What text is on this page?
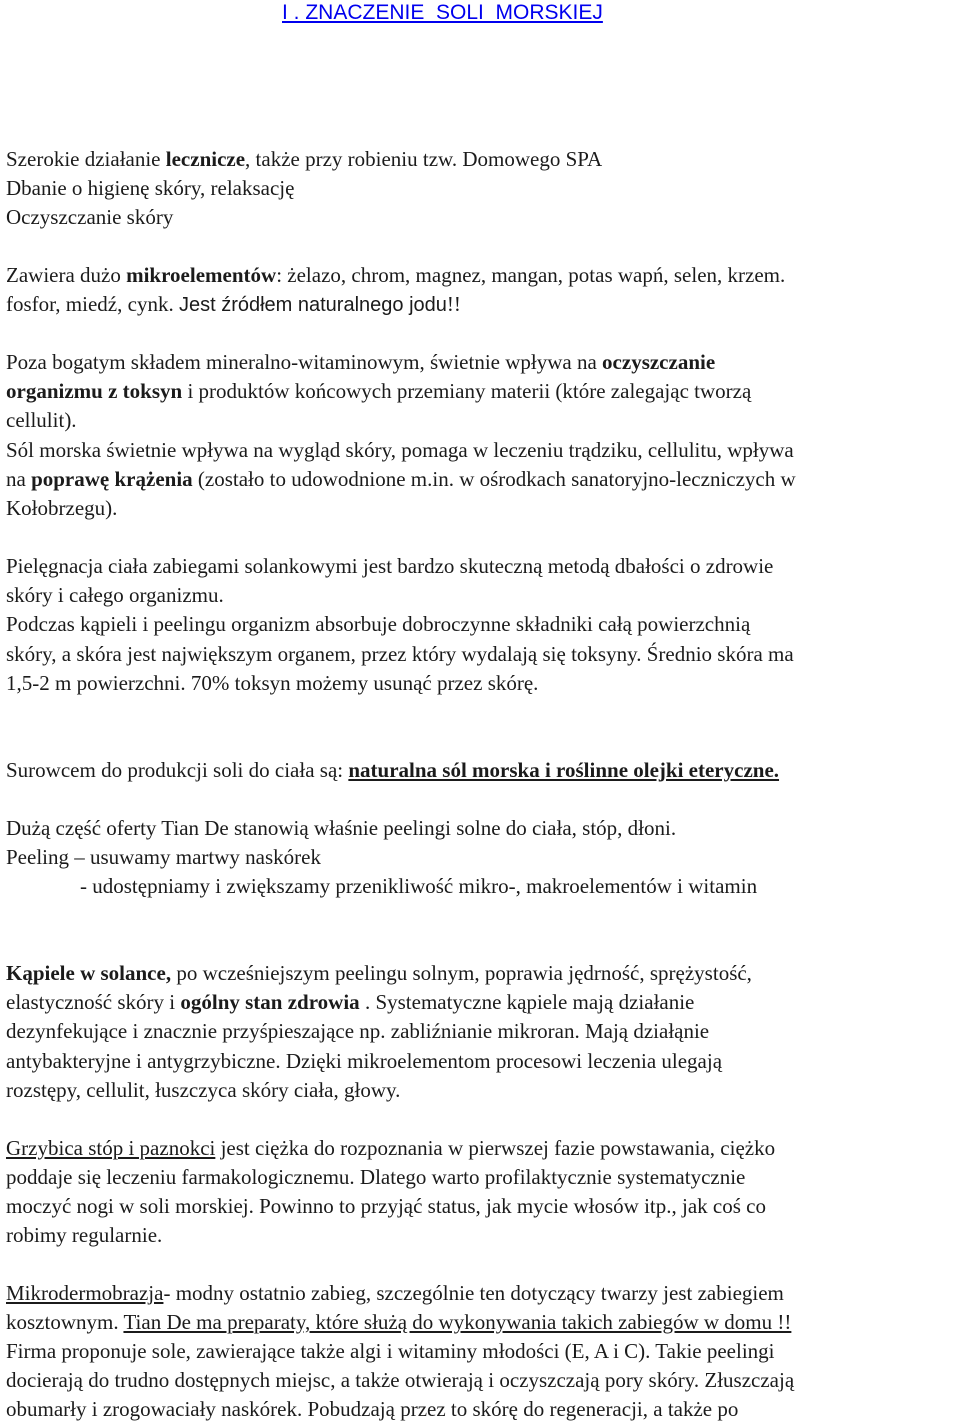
I . ZNACZENIE  SOLI  MORSKIEJ
Szerokie działanie lecznicze, także przy robieniu tzw. Domowego SPA
Dbanie o higienę skóry, relaksację
Oczyszczanie skóry
Zawiera dużo mikroelementów: żelazo, chrom, magnez, mangan, potas wapń, selen, krzem.
fosfor, miedź, cynk. Jest źródłem naturalnego jodu!!
Poza bogatym składem mineralno-witaminowym, świetnie wpływa na oczyszczanie
organizmu z toksyn i produktów końcowych przemiany materii (które zalegając tworzą
cellulit).
Sól morska świetnie wpływa na wygląd skóry, pomaga w leczeniu trądziku, cellulitu, wpływa
na poprawę krążenia (zostało to udowodnione m.in. w ośrodkach sanatoryjno-leczniczych w
Kołobrzegu).
Pielęgnacja ciała zabiegami solankowymi jest bardzo skuteczną metodą dbałości o zdrowie
skóry i całego organizmu.
Podczas kąpieli i peelingu organizm absorbuje dobroczynne składniki całą powierzchnią
skóry, a skóra jest największym organem, przez który wydalają się toksyny. Średnio skóra ma
1,5-2 m powierzchni. 70% toksyn możemy usunąć przez skórę.
Surowcem do produkcji soli do ciała są: naturalna sól morska i roślinne olejki eteryczne.
Dużą część oferty Tian De stanowią właśnie peelingi solne do ciała, stóp, dłoni.
Peeling – usuwamy martwy naskórek
- udostępniamy i zwiększamy przenikliwość mikro-, makroelementów i witamin
Kąpiele w solance, po wcześniejszym peelingu solnym, poprawia jędrność, sprężystość,
elastyczność skóry i ogólny stan zdrowia . Systematyczne kąpiele mają działanie
dezynfekujące i znacznie przyśpieszające np. zabliźnianie mikroran. Mają działąnie
antybakteryjne i antygrzybiczne. Dzięki mikroelementom procesowi leczenia ulegają
rozstępy, cellulit, łuszczyca skóry ciała, głowy.
Grzybica stóp i paznokci jest ciężka do rozpoznania w pierwszej fazie powstawania, ciężko
poddaje się leczeniu farmakologicznemu. Dlatego warto profilaktycznie systematycznie
moczyć nogi w soli morskiej. Powinno to przyjąć status, jak mycie włosów itp., jak coś co
robimy regularnie.
Mikrodermobrazja- modny ostatnio zabieg, szczególnie ten dotyczący twarzy jest zabiegiem
kosztownym. Tian De ma preparaty, które służą do wykonywania takich zabiegów w domu !!
Firma proponuje sole, zawierające także algi i witaminy młodości (E, A i C). Takie peelingi
docierają do trudno dostępnych miejsc, a także otwierają i oczyszczają pory skóry. Złuszczają
obumarły i zrogowaciały naskórek. Pobudzają przez to skórę do regeneracji, a także po
